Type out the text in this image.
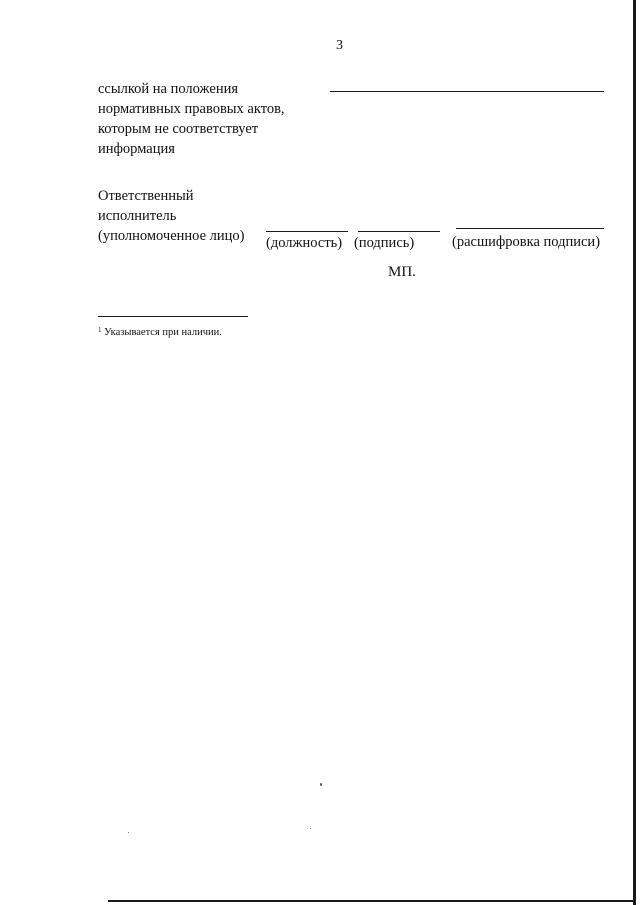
3
ссылкой на положения
нормативных правовых актов,
которым не соответствует
информация
Ответственный
исполнитель
(уполномоченное лицо) (должность) (подпись)	(расшифровка подписи)
МП.
$^1$ Указывается при наличии.
